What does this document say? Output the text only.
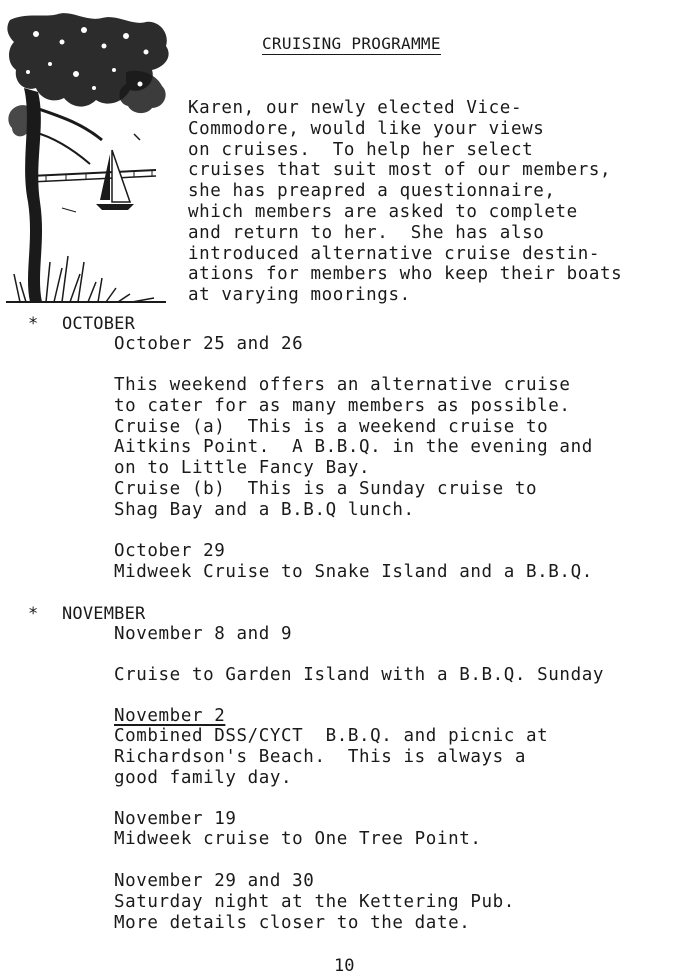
CRUISING PROGRAMME

Karen, our newly elected Vice-
Commodore, would like your views
on cruises.  To help her select
cruises that suit most of our members,
she has preapred a questionnaire,
which members are asked to complete
and return to her.  She has also
introduced alternative cruise destin-
ations for members who keep their boats
at varying moorings.

* OCTOBER

October 25 and 26

This weekend offers an alternative cruise
to cater for as many members as possible.
Cruise (a)  This is a weekend cruise to
Aitkins Point.  A B.B.Q. in the evening and
on to Little Fancy Bay.
Cruise (b)  This is a Sunday cruise to
Shag Bay and a B.B.Q lunch.

October 29

Midweek Cruise to Snake Island and a B.B.Q.

* NOVEMBER

November 8 and 9

Cruise to Garden Island with a B.B.Q. Sunday

November 2

Combined DSS/CYCT  B.B.Q. and picnic at
Richardson's Beach.  This is always a
good family day.

November 19

Midweek cruise to One Tree Point.

November 29 and 30

Saturday night at the Kettering Pub.
More details closer to the date.

10
